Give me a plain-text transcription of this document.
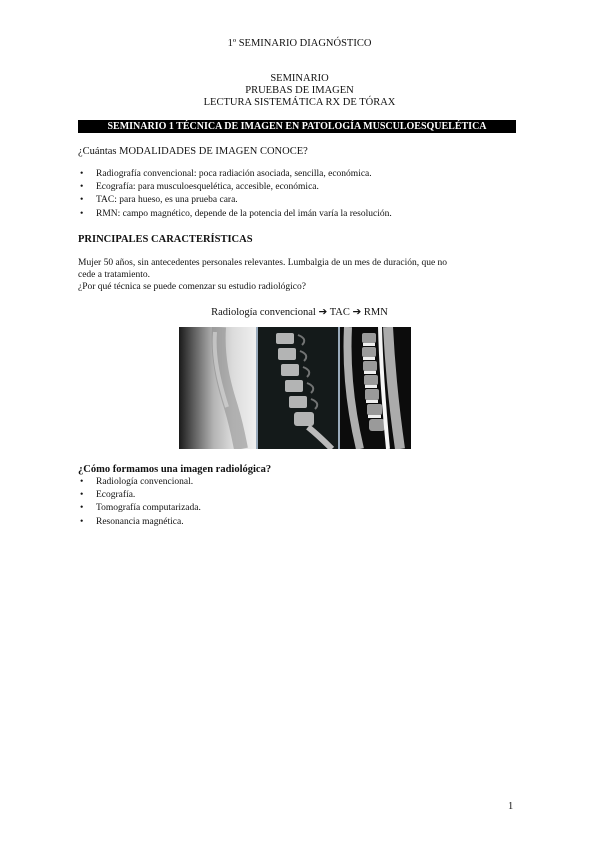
1º SEMINARIO DIAGNÓSTICO
SEMINARIO
PRUEBAS DE IMAGEN
LECTURA SISTEMÁTICA RX DE TÓRAX
SEMINARIO 1 TÉCNICA DE IMAGEN EN PATOLOGÍA MUSCULOESQUELÉTICA
¿Cuántas MODALIDADES DE IMAGEN CONOCE?
• Radiografía convencional: poca radiación asociada, sencilla, económica.
• Ecografía: para musculoesquelética, accesible, económica.
• TAC: para hueso, es una prueba cara.
• RMN: campo magnético, depende de la potencia del imán varía la resolución.
PRINCIPALES CARACTERÍSTICAS
Mujer 50 años, sin antecedentes personales relevantes. Lumbalgia de un mes de duración, que no
cede a tratamiento.
¿Por qué técnica se puede comenzar su estudio radiológico?
Radiología convencional ➔ TAC ➔ RMN
¿Cómo formamos una imagen radiológica?
• Radiología convencional.
• Ecografía.
• Tomografía computarizada.
• Resonancia magnética.
1
